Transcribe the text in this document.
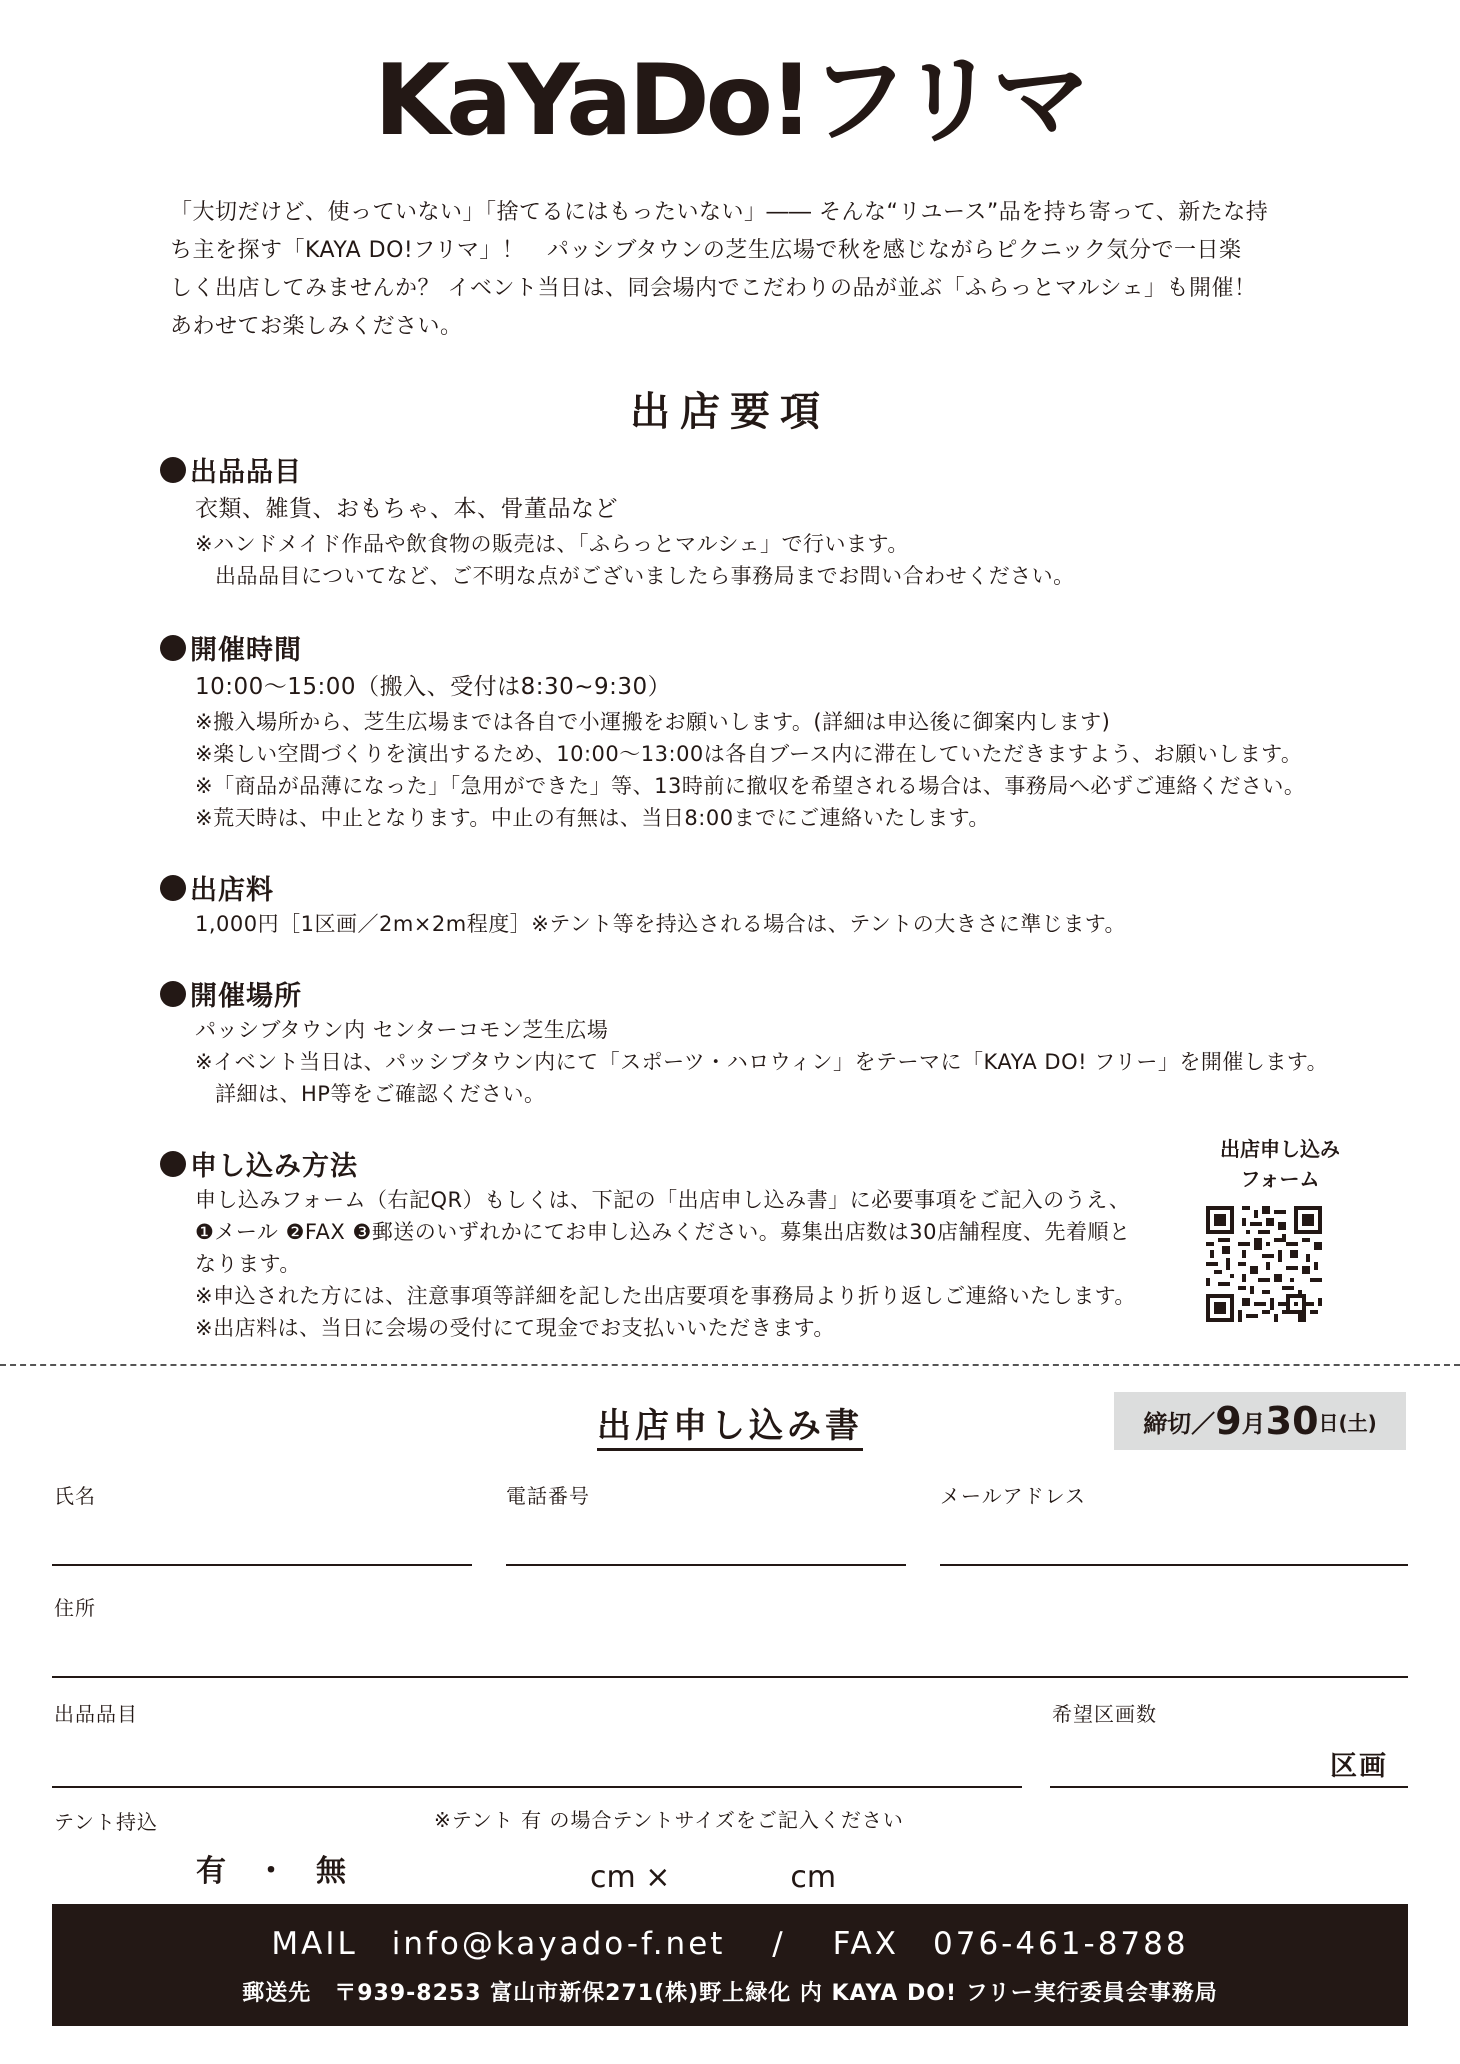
KaYaDo!フリマ

「大切だけど、使っていない」「捨てるにはもったいない」―― そんな“リユース”品を持ち寄って、新たな持

ち主を探す「KAYA DO!フリマ」！　パッシブタウンの芝生広場で秋を感じながらピクニック気分で一日楽

しく出店してみませんか？ イベント当日は、同会場内でこだわりの品が並ぶ「ふらっとマルシェ」も開催！

あわせてお楽しみください。

出店要項
出品品目
衣類、雑貨、おもちゃ、本、骨董品など
※ハンドメイド作品や飲食物の販売は、「ふらっとマルシェ」で行います。
出品品目についてなど、ご不明な点がございましたら事務局までお問い合わせください。
開催時間
10:00～15:00（搬入、受付は8:30~9:30）
※搬入場所から、芝生広場までは各自で小運搬をお願いします。(詳細は申込後に御案内します)
※楽しい空間づくりを演出するため、10:00～13:00は各自ブース内に滞在していただきますよう、お願いします。
※「商品が品薄になった」「急用ができた」等、13時前に撤収を希望される場合は、事務局へ必ずご連絡ください。
※荒天時は、中止となります。中止の有無は、当日8:00までにご連絡いたします。
出店料
1,000円［1区画／2m×2m程度］※テント等を持込される場合は、テントの大きさに準じます。
開催場所
パッシブタウン内 センターコモン芝生広場
※イベント当日は、パッシブタウン内にて「スポーツ・ハロウィン」をテーマに「KAYA DO! フリー」を開催します。
詳細は、HP等をご確認ください。
申し込み方法
申し込みフォーム（右記QR）もしくは、下記の「出店申し込み書」に必要事項をご記入のうえ、
❶メール ❷FAX ❸郵送のいずれかにてお申し込みください。募集出店数は30店舗程度、先着順と
なります。
※申込された方には、注意事項等詳細を記した出店要項を事務局より折り返しご連絡いたします。
※出店料は、当日に会場の受付にて現金でお支払いいただきます。
出店申し込み
フォーム
出店申し込み書	締切／ 9 月 30 日(土)
氏名	電話番号	メールアドレス
住所
出品品目	希望区画数
区画
テント持込	※テント 有 の場合テントサイズをご記入ください
有　・　無	cm ×　　　　cm
MAIL　info@kayado-f.net　 / 　FAX　076-461-8788
郵送先　〒939-8253 富山市新保271(株)野上緑化 内 KAYA DO! フリー実行委員会事務局
